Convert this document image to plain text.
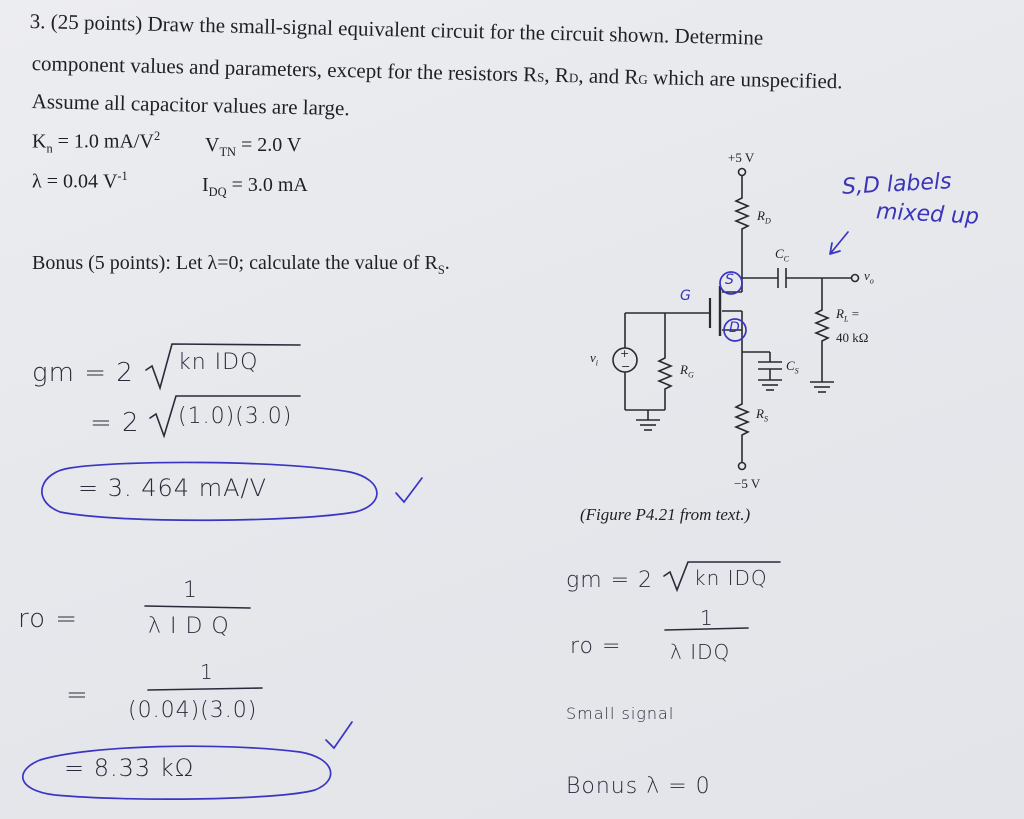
3. (25 points) Draw the small-signal equivalent circuit for the circuit shown. Determine
component values and parameters, except for the resistors RS, RD, and RG which are unspecified.
Assume all capacitor values are large.
$K_n = 1.0$ $mA/V^2$ $V_{TN} = 2.0$ V
λ = 0.04 $V^{-1}$	$I_{DQ} = 3.0$ mA
Bonus (5 points): Let λ=0; calculate the value of $R_S$.
+
−
+5 V
$R_D$
$C_C$
$v_o$
$R_L$ =
40 kΩ
$v_i$	$R_G$
$C_S$
$R_S$
−5 V
(Figure P4.21 from text.)
S,D labels
mixed up
S
G
D
gm = 2 kn IDQ
= 2 (1.0)(3.0)
= 3. 464 mA/V
ro =
1
λ I D Q
=
1
(0.04)(3.0)
= 8.33 kΩ
gm = 2 kn IDQ
ro =
1
λ IDQ
Small signal
Bonus λ = 0
